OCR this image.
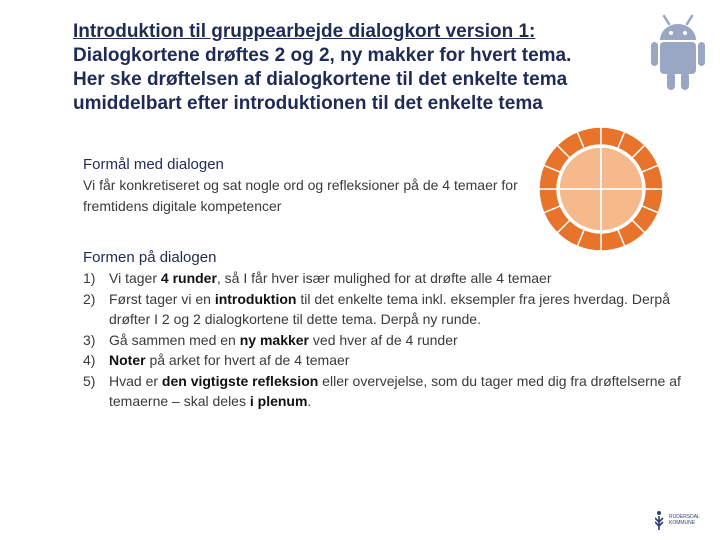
Introduktion til gruppearbejde dialogkort version 1:
Dialogkortene drøftes 2 og 2, ny makker for hvert tema.
Her ske drøftelsen af dialogkortene til det enkelte tema
umiddelbart efter introduktionen til det enkelte tema
Formål med dialogen
Vi får konkretiseret og sat nogle ord og refleksioner på de 4 temaer for fremtidens digitale kompetencer
Formen på dialogen
1) Vi tager 4 runder, så I får hver især mulighed for at drøfte alle 4 temaer
2) Først tager vi en introduktion til det enkelte tema inkl. eksempler fra jeres hverdag. Derpå drøfter I 2 og 2 dialogkortene til dette tema. Derpå ny runde.
3) Gå sammen med en ny makker ved hver af de 4 runder
4) Noter på arket for hvert af de 4 temaer
5) Hvad er den vigtigste refleksion eller overvejelse, som du tager med dig fra drøftelserne af temaerne – skal deles i plenum.
RUDERSDAL
KOMMUNE
